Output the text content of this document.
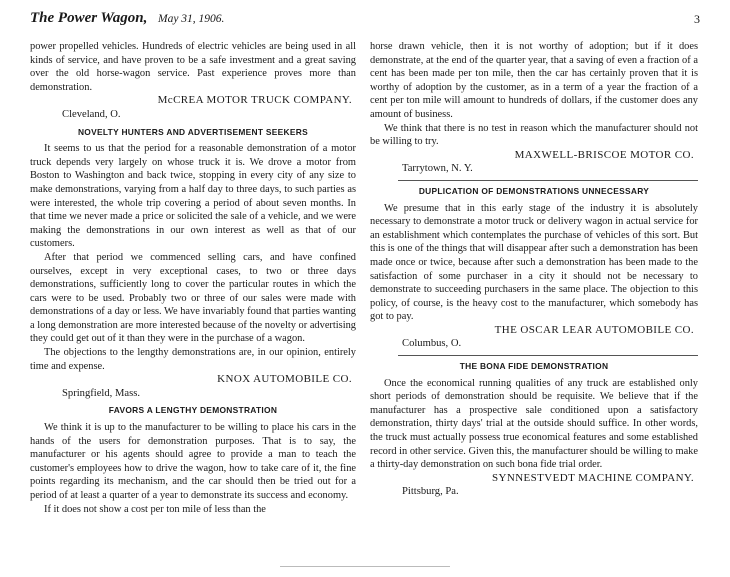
The Power Wagon, May 31, 1906.	3

power propelled vehicles. Hundreds of electric vehicles are being used in all kinds of service, and have proven to be a safe investment and a great saving over the old horse-wagon service. Past experience proves more than demonstration.

McCREA MOTOR TRUCK COMPANY.

Cleveland, O.

NOVELTY HUNTERS AND ADVERTISEMENT SEEKERS

It seems to us that the period for a reasonable demonstration of a motor truck depends very largely on whose truck it is. We drove a motor from Boston to Washington and back twice, stopping in every city of any size to make demonstrations, varying from a half day to three days, to such parties as were interested, the whole trip covering a period of about seven months. In that time we never made a price or solicited the sale of a vehicle, and we were making the demonstrations in our own interest as well as that of our customers.

After that period we commenced selling cars, and have confined ourselves, except in very exceptional cases, to two or three days demonstrations, sufficiently long to cover the particular routes in which the cars were to be used. Probably two or three of our sales were made with demonstrations of a day or less. We have invariably found that parties wanting a long demonstration are more interested because of the novelty or advertising they could get out of it than they were in the purchase of a wagon.

The objections to the lengthy demonstrations are, in our opinion, entirely time and expense.

KNOX AUTOMOBILE CO.

Springfield, Mass.

FAVORS A LENGTHY DEMONSTRATION

We think it is up to the manufacturer to be willing to place his cars in the hands of the users for demonstration purposes. That is to say, the manufacturer or his agents should agree to provide a man to teach the customer's employees how to drive the wagon, how to take care of it, the fine points regarding its mechanism, and the car should then be tried out for a period of at least a quarter of a year to demonstrate its success and economy.

If it does not show a cost per ton mile of less than the

horse drawn vehicle, then it is not worthy of adoption; but if it does demonstrate, at the end of the quarter year, that a saving of even a fraction of a cent has been made per ton mile, then the car has certainly proven that it is worthy of adoption by the customer, as in a term of a year the fraction of a cent per ton mile will amount to hundreds of dollars, if the customer does any amount of business.

We think that there is no test in reason which the manufacturer should not be willing to try.

MAXWELL-BRISCOE MOTOR CO.

Tarrytown, N. Y.

DUPLICATION OF DEMONSTRATIONS UNNECESSARY

We presume that in this early stage of the industry it is absolutely necessary to demonstrate a motor truck or delivery wagon in actual service for an establishment which contemplates the purchase of vehicles of this sort. But this is one of the things that will disappear after such a demonstration has been made once or twice, because after such a demonstration has been made to the satisfaction of some purchaser in a city it should not be necessary to demonstrate to succeeding purchasers in the same place. The objection to this policy, of course, is the heavy cost to the manufacturer, which somebody has got to pay.

THE OSCAR LEAR AUTOMOBILE CO.

Columbus, O.

THE BONA FIDE DEMONSTRATION

Once the economical running qualities of any truck are established only short periods of demonstration should be requisite. We believe that if the manufacturer has a prospective sale conditioned upon a satisfactory demonstration, thirty days' trial at the outside should suffice. In other words, the truck must actually possess true economical features and some established record in other service. Given this, the manufacturer should be willing to make a thirty-day demonstration on such bona fide trial order.

SYNNESTVEDT MACHINE COMPANY.

Pittsburg, Pa.
